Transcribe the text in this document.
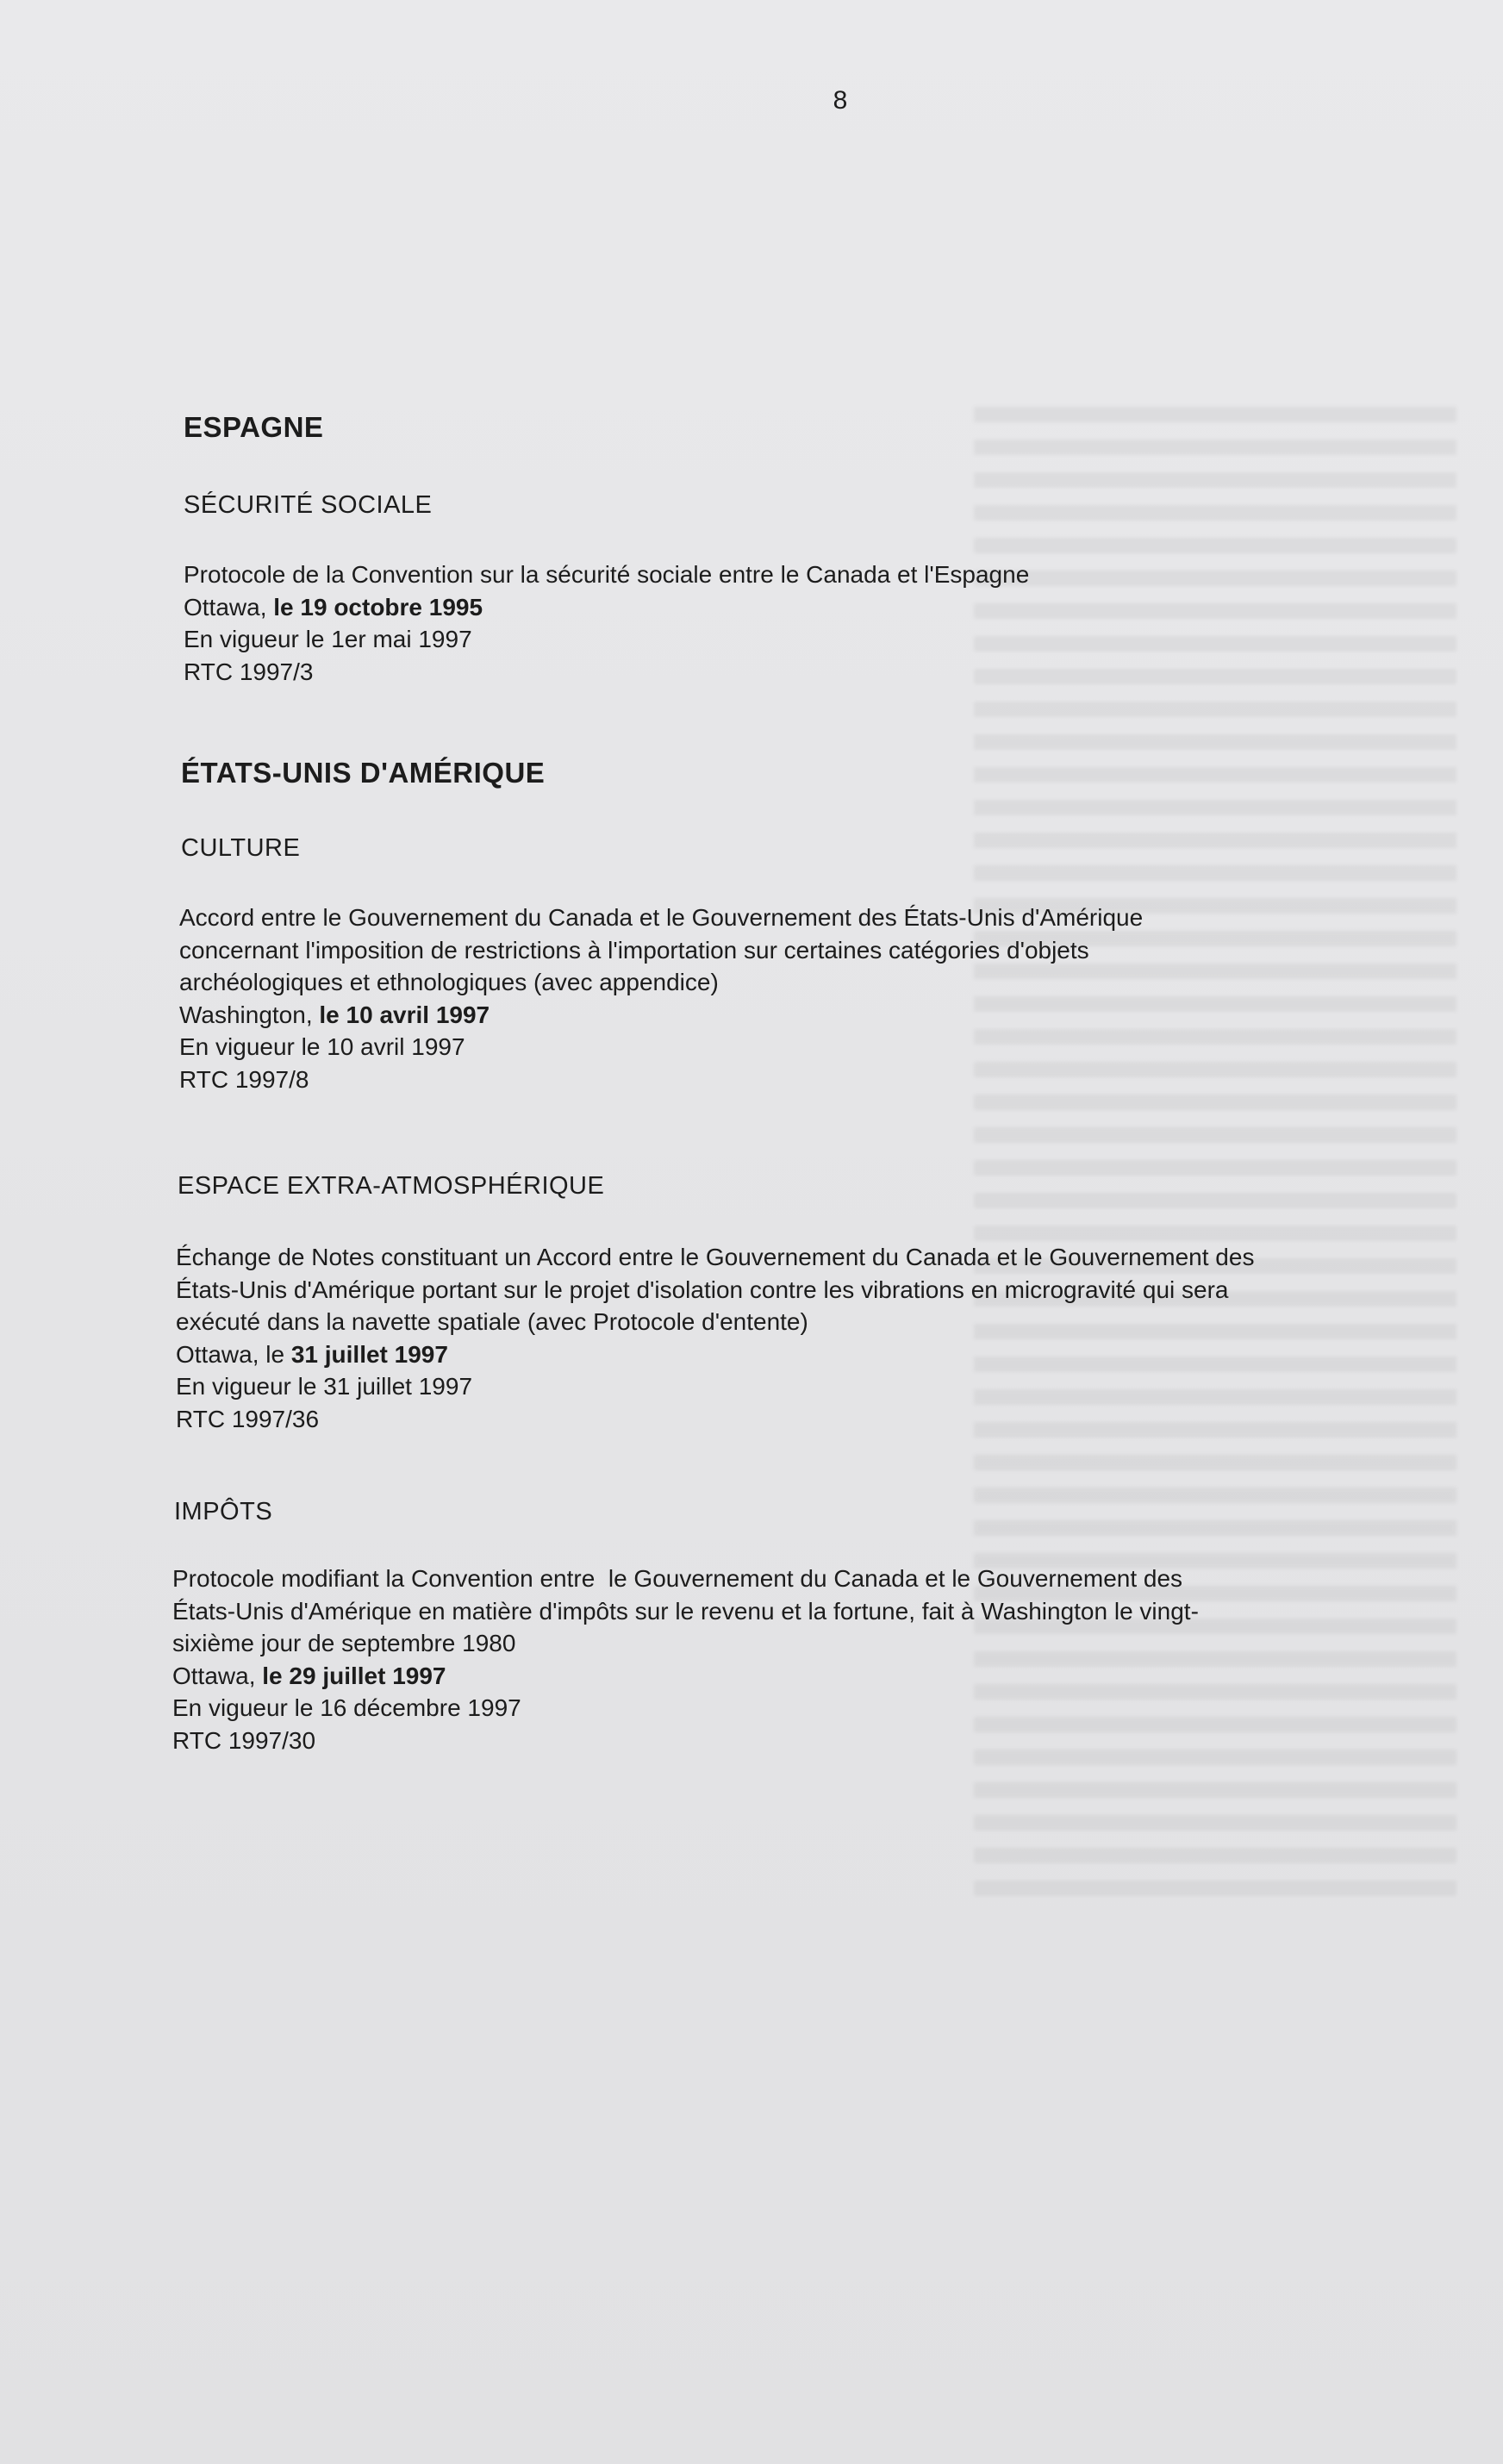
8
ESPAGNE
SÉCURITÉ SOCIALE
Protocole de la Convention sur la sécurité sociale entre le Canada et l'Espagne
Ottawa, le 19 octobre 1995
En vigueur le 1er mai 1997
RTC 1997/3
ÉTATS-UNIS D'AMÉRIQUE
CULTURE
Accord entre le Gouvernement du Canada et le Gouvernement des États-Unis d'Amérique
concernant l'imposition de restrictions à l'importation sur certaines catégories d'objets
archéologiques et ethnologiques (avec appendice)
Washington, le 10 avril 1997
En vigueur le 10 avril 1997
RTC 1997/8
ESPACE EXTRA-ATMOSPHÉRIQUE
Échange de Notes constituant un Accord entre le Gouvernement du Canada et le Gouvernement des
États-Unis d'Amérique portant sur le projet d'isolation contre les vibrations en microgravité qui sera
exécuté dans la navette spatiale (avec Protocole d'entente)
Ottawa, le 31 juillet 1997
En vigueur le 31 juillet 1997
RTC 1997/36
IMPÔTS
Protocole modifiant la Convention entre  le Gouvernement du Canada et le Gouvernement des
États-Unis d'Amérique en matière d'impôts sur le revenu et la fortune, fait à Washington le vingt-
sixième jour de septembre 1980
Ottawa, le 29 juillet 1997
En vigueur le 16 décembre 1997
RTC 1997/30
